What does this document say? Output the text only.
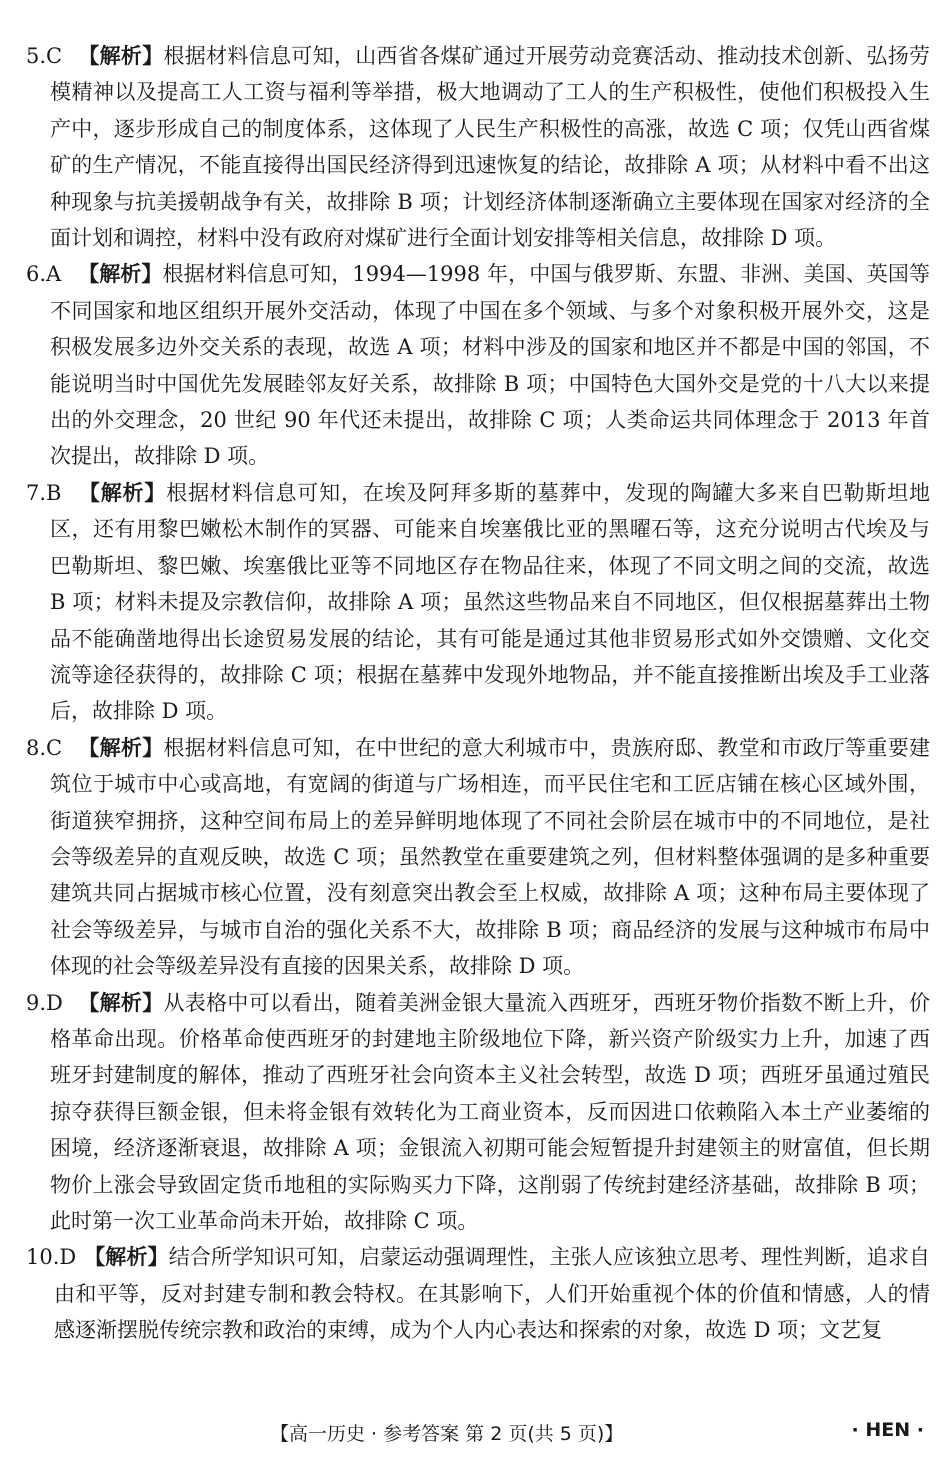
5.C 【解析】根据材料信息可知，山西省各煤矿通过开展劳动竞赛活动、推动技术创新、弘扬劳模精神以及提高工人工资与福利等举措，极大地调动了工人的生产积极性，使他们积极投入生产中，逐步形成自己的制度体系，这体现了人民生产积极性的高涨，故选 C 项；仅凭山西省煤矿的生产情况，不能直接得出国民经济得到迅速恢复的结论，故排除 A 项；从材料中看不出这种现象与抗美援朝战争有关，故排除 B 项；计划经济体制逐渐确立主要体现在国家对经济的全面计划和调控，材料中没有政府对煤矿进行全面计划安排等相关信息，故排除 D 项。
6.A 【解析】根据材料信息可知，1994—1998 年，中国与俄罗斯、东盟、非洲、美国、英国等不同国家和地区组织开展外交活动，体现了中国在多个领域、与多个对象积极开展外交，这是积极发展多边外交关系的表现，故选 A 项；材料中涉及的国家和地区并不都是中国的邻国，不能说明当时中国优先发展睦邻友好关系，故排除 B 项；中国特色大国外交是党的十八大以来提出的外交理念，20 世纪 90 年代还未提出，故排除 C 项；人类命运共同体理念于 2013 年首次提出，故排除 D 项。
7.B 【解析】根据材料信息可知，在埃及阿拜多斯的墓葬中，发现的陶罐大多来自巴勒斯坦地区，还有用黎巴嫩松木制作的冥器、可能来自埃塞俄比亚的黑曜石等，这充分说明古代埃及与巴勒斯坦、黎巴嫩、埃塞俄比亚等不同地区存在物品往来，体现了不同文明之间的交流，故选 B 项；材料未提及宗教信仰，故排除 A 项；虽然这些物品来自不同地区，但仅根据墓葬出土物品不能确凿地得出长途贸易发展的结论，其有可能是通过其他非贸易形式如外交馈赠、文化交流等途径获得的，故排除 C 项；根据在墓葬中发现外地物品，并不能直接推断出埃及手工业落后，故排除 D 项。
8.C 【解析】根据材料信息可知，在中世纪的意大利城市中，贵族府邸、教堂和市政厅等重要建筑位于城市中心或高地，有宽阔的街道与广场相连，而平民住宅和工匠店铺在核心区域外围，街道狭窄拥挤，这种空间布局上的差异鲜明地体现了不同社会阶层在城市中的不同地位，是社会等级差异的直观反映，故选 C 项；虽然教堂在重要建筑之列，但材料整体强调的是多种重要建筑共同占据城市核心位置，没有刻意突出教会至上权威，故排除 A 项；这种布局主要体现了社会等级差异，与城市自治的强化关系不大，故排除 B 项；商品经济的发展与这种城市布局中体现的社会等级差异没有直接的因果关系，故排除 D 项。
9.D 【解析】从表格中可以看出，随着美洲金银大量流入西班牙，西班牙物价指数不断上升，价格革命出现。价格革命使西班牙的封建地主阶级地位下降，新兴资产阶级实力上升，加速了西班牙封建制度的解体，推动了西班牙社会向资本主义社会转型，故选 D 项；西班牙虽通过殖民掠夺获得巨额金银，但未将金银有效转化为工商业资本，反而因进口依赖陷入本土产业萎缩的困境，经济逐渐衰退，故排除 A 项；金银流入初期可能会短暂提升封建领主的财富值，但长期物价上涨会导致固定货币地租的实际购买力下降，这削弱了传统封建经济基础，故排除 B 项；此时第一次工业革命尚未开始，故排除 C 项。
10.D 【解析】结合所学知识可知，启蒙运动强调理性，主张人应该独立思考、理性判断，追求自由和平等，反对封建专制和教会特权。在其影响下，人们开始重视个体的价值和情感，人的情感逐渐摆脱传统宗教和政治的束缚，成为个人内心表达和探索的对象，故选 D 项；文艺复
【高一历史 · 参考答案 第 2 页(共 5 页)】	· HEN ·
